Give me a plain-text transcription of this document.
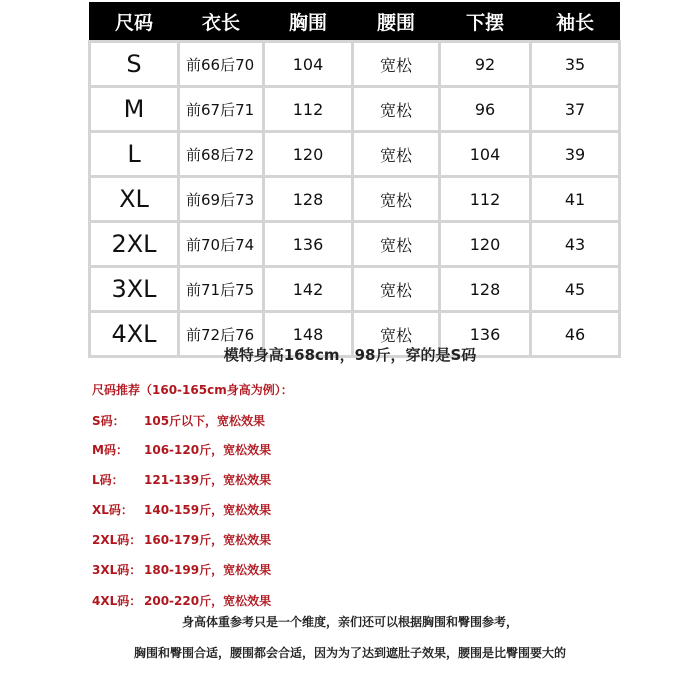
尺码	衣长	胸围	腰围	下摆	袖长
S	前66后70	104	宽松	92	35
M	前67后71	112	宽松	96	37
L	前68后72	120	宽松	104	39
XL	前69后73	128	宽松	112	41
2XL	前70后74	136	宽松	120	43
3XL	前71后75	142	宽松	128	45
4XL	前72后76	148	宽松	136	46
模特身高168cm，98斤，穿的是S码
尺码推荐（160-165cm身高为例）：
S码： 105斤以下，宽松效果
M码： 106-120斤，宽松效果
L码： 121-139斤，宽松效果
XL码： 140-159斤，宽松效果
2XL码： 160-179斤，宽松效果
3XL码： 180-199斤，宽松效果
4XL码： 200-220斤，宽松效果
身高体重参考只是一个维度，亲们还可以根据胸围和臀围参考，
胸围和臀围合适，腰围都会合适，因为为了达到遮肚子效果，腰围是比臀围要大的
